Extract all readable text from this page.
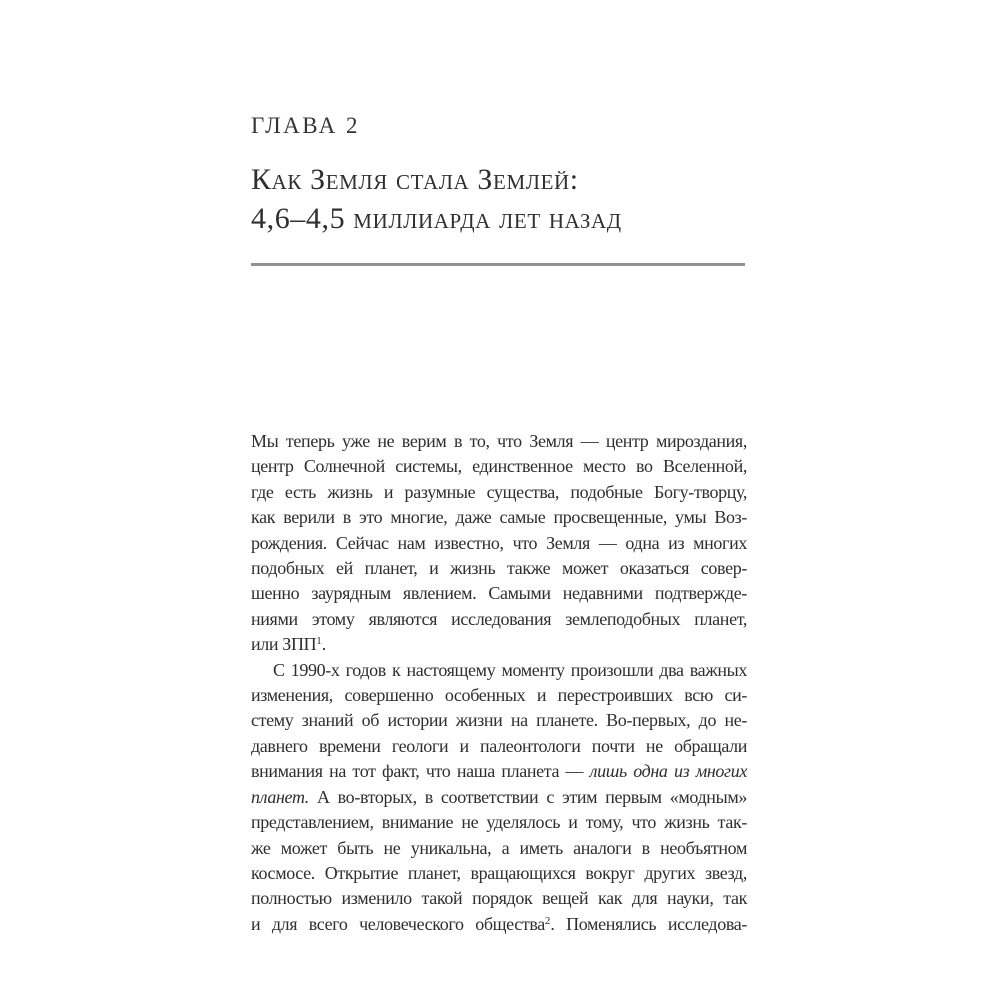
ГЛАВА 2
Как Земля стала Землей:
4,6–4,5 миллиарда лет назад
Мы теперь уже не верим в то, что Земля — центр мироздания,
центр Солнечной системы, единственное место во Вселенной,
где есть жизнь и разумные существа, подобные Богу-творцу,
как верили в это многие, даже самые просвещенные, умы Воз-
рождения. Сейчас нам известно, что Земля — одна из многих
подобных ей планет, и жизнь также может оказаться совер-
шенно заурядным явлением. Самыми недавними подтвержде-
ниями этому являются исследования землеподобных планет,
или ЗПП$^1$.
С 1990-х годов к настоящему моменту произошли два важных
изменения, совершенно особенных и перестроивших всю си-
стему знаний об истории жизни на планете. Во-первых, до не-
давнего времени геологи и палеонтологи почти не обращали
внимания на тот факт, что наша планета — лишь одна из многих
планет. А во-вторых, в соответствии с этим первым «модным»
представлением, внимание не уделялось и тому, что жизнь так-
же может быть не уникальна, а иметь аналоги в необъятном
космосе. Открытие планет, вращающихся вокруг других звезд,
полностью изменило такой порядок вещей как для науки, так
и для всего человеческого общества$^2$. Поменялись исследова-
